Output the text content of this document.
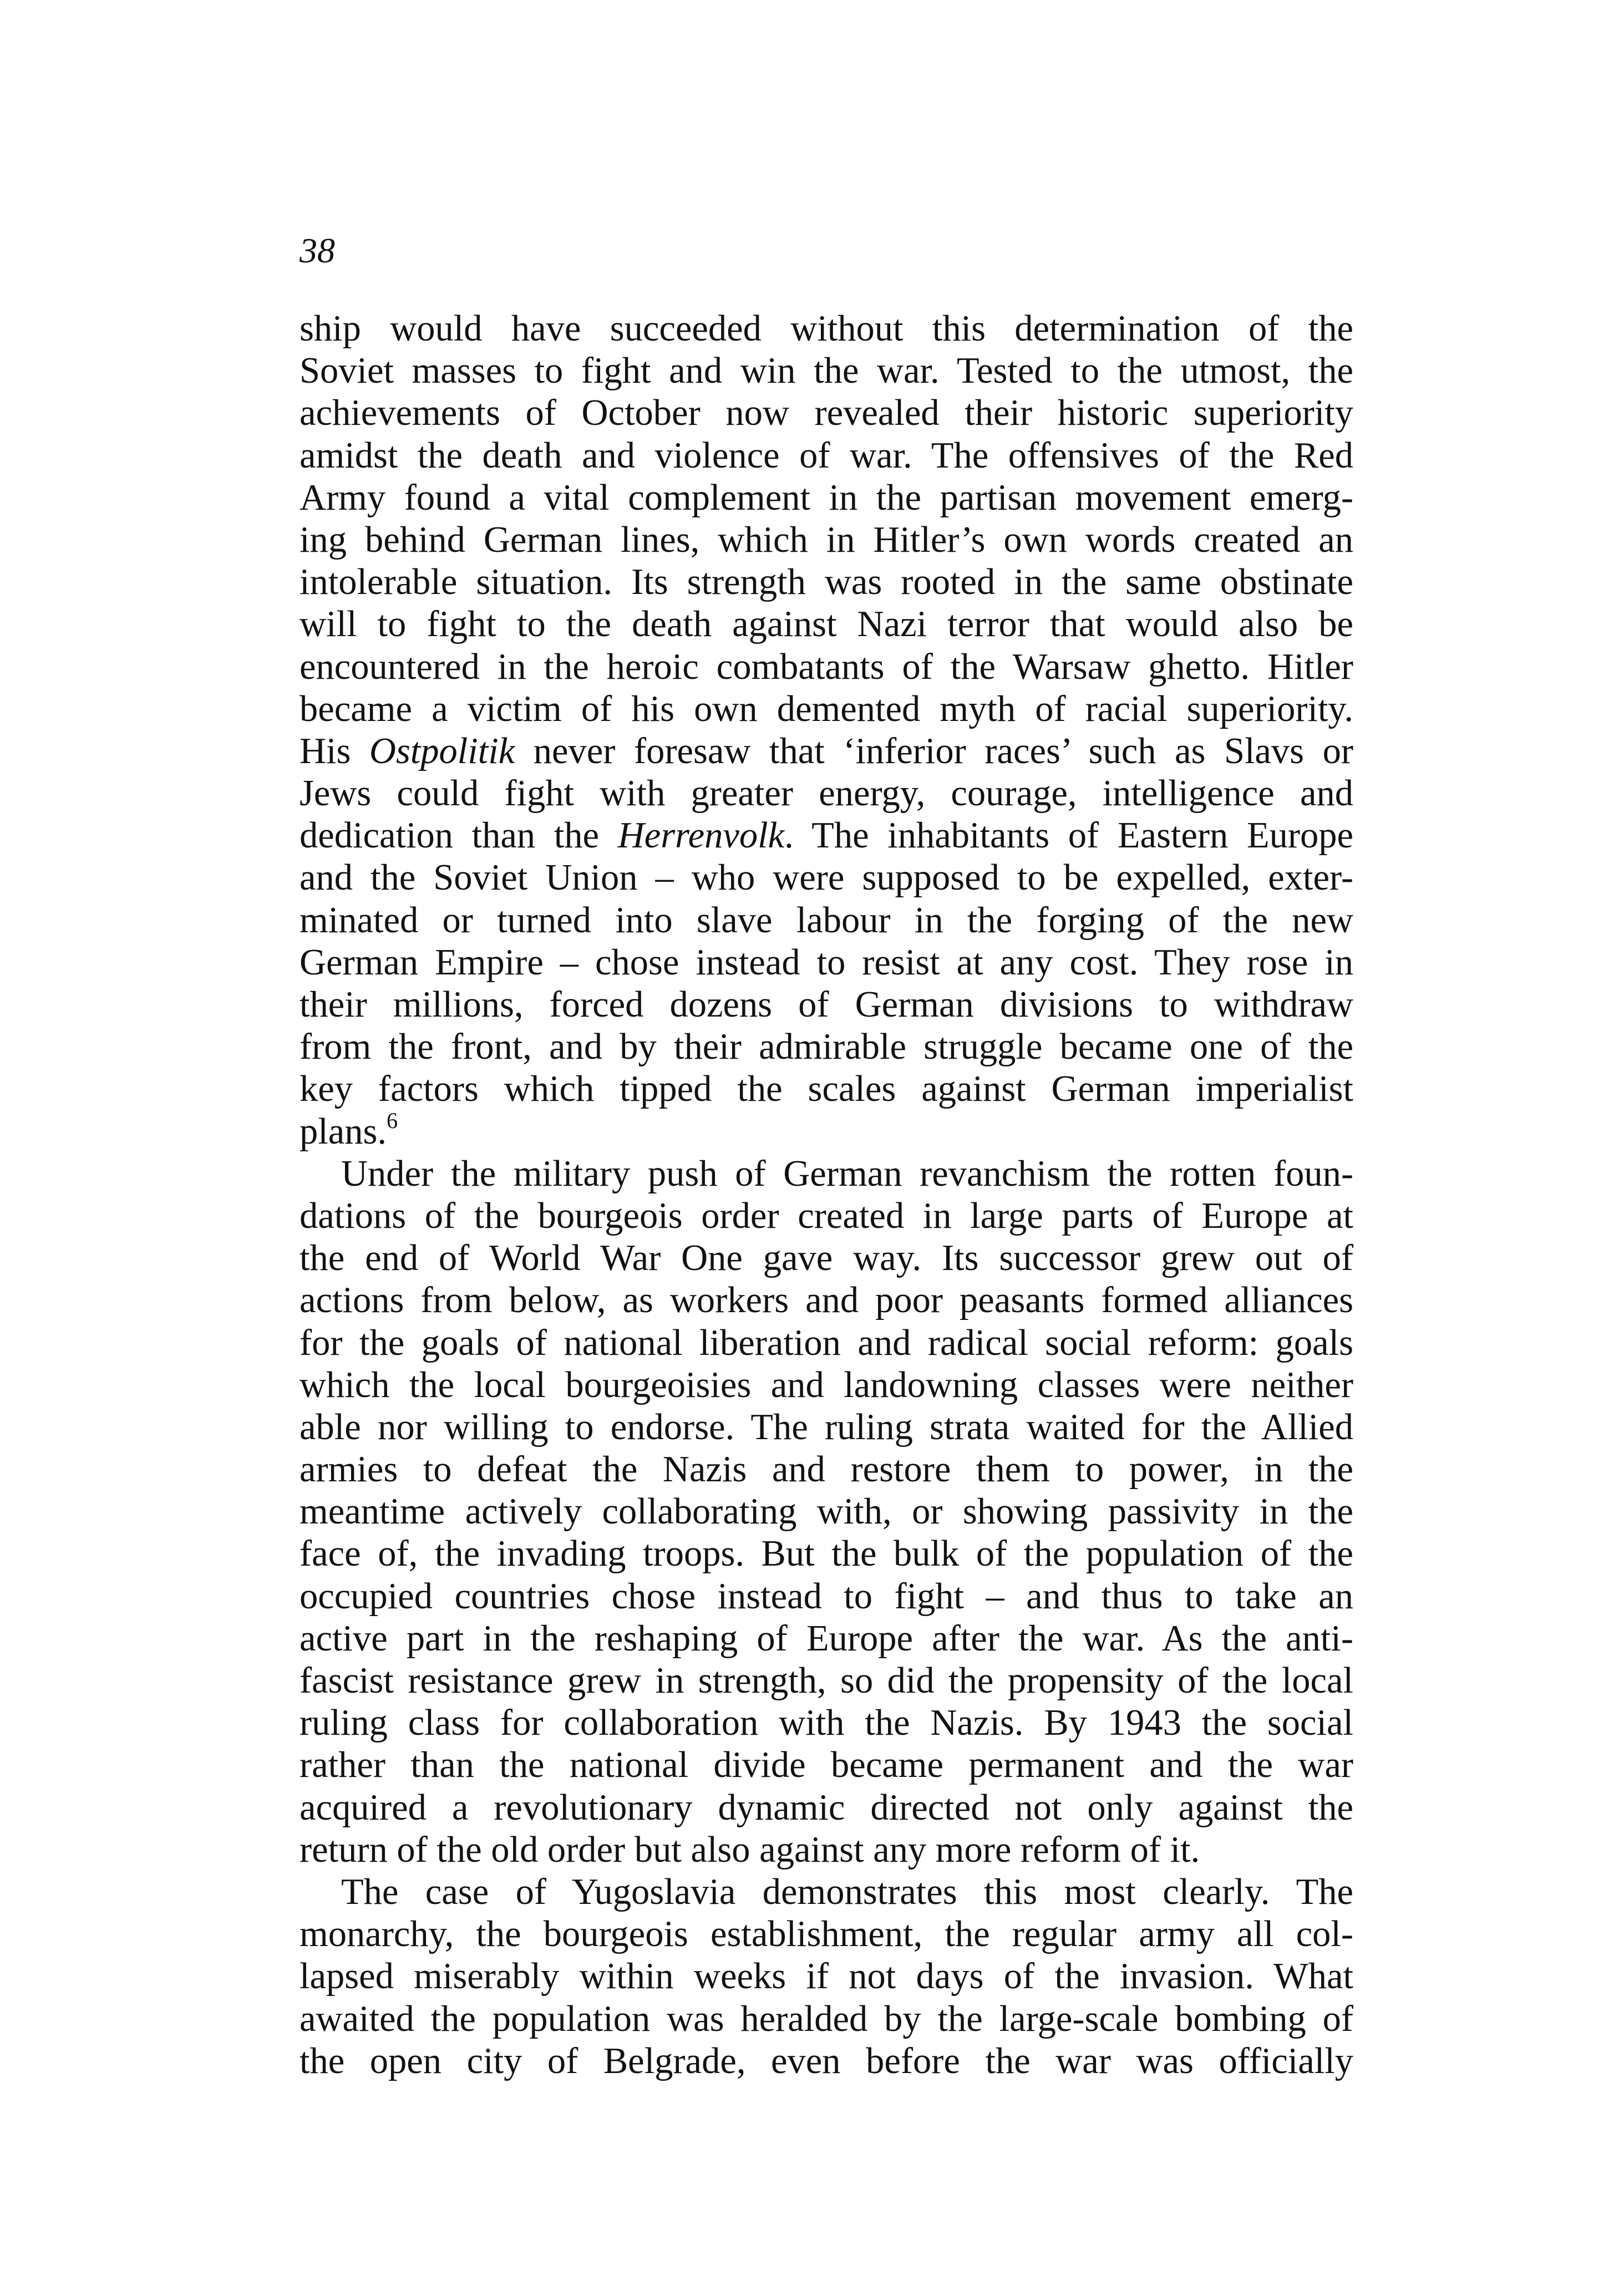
38
ship would have succeeded without this determination of the
Soviet masses to fight and win the war. Tested to the utmost, the
achievements of October now revealed their historic superiority
amidst the death and violence of war. The offensives of the Red
Army found a vital complement in the partisan movement emerg-
ing behind German lines, which in Hitler’s own words created an
intolerable situation. Its strength was rooted in the same obstinate
will to fight to the death against Nazi terror that would also be
encountered in the heroic combatants of the Warsaw ghetto. Hitler
became a victim of his own demented myth of racial superiority.
His Ostpolitik never foresaw that ‘inferior races’ such as Slavs or
Jews could fight with greater energy, courage, intelligence and
dedication than the Herrenvolk. The inhabitants of Eastern Europe
and the Soviet Union – who were supposed to be expelled, exter-
minated or turned into slave labour in the forging of the new
German Empire – chose instead to resist at any cost. They rose in
their millions, forced dozens of German divisions to withdraw
from the front, and by their admirable struggle became one of the
key factors which tipped the scales against German imperialist
plans.$^6$
Under the military push of German revanchism the rotten foun-
dations of the bourgeois order created in large parts of Europe at
the end of World War One gave way. Its successor grew out of
actions from below, as workers and poor peasants formed alliances
for the goals of national liberation and radical social reform: goals
which the local bourgeoisies and landowning classes were neither
able nor willing to endorse. The ruling strata waited for the Allied
armies to defeat the Nazis and restore them to power, in the
meantime actively collaborating with, or showing passivity in the
face of, the invading troops. But the bulk of the population of the
occupied countries chose instead to fight – and thus to take an
active part in the reshaping of Europe after the war. As the anti-
fascist resistance grew in strength, so did the propensity of the local
ruling class for collaboration with the Nazis. By 1943 the social
rather than the national divide became permanent and the war
acquired a revolutionary dynamic directed not only against the
return of the old order but also against any more reform of it.
The case of Yugoslavia demonstrates this most clearly. The
monarchy, the bourgeois establishment, the regular army all col-
lapsed miserably within weeks if not days of the invasion. What
awaited the population was heralded by the large-scale bombing of
the open city of Belgrade, even before the war was officially
